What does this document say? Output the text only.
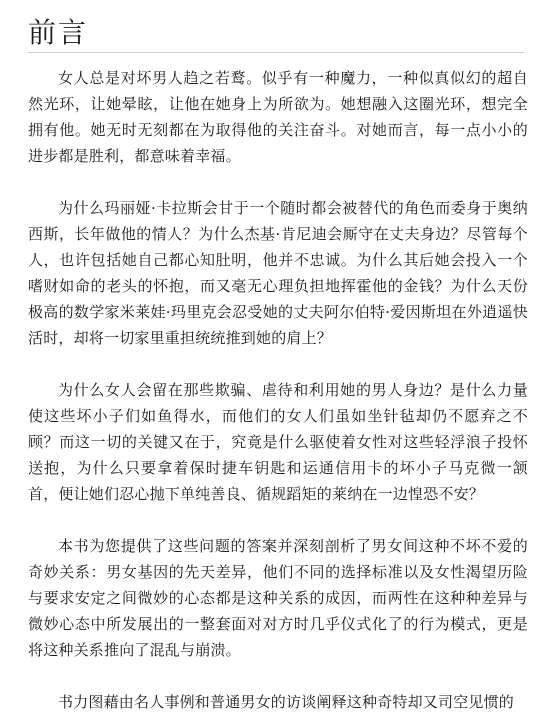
前言

女人总是对坏男人趋之若鹜。似乎有一种魔力，一种似真似幻的超自然光环，让她晕眩，让他在她身上为所欲为。她想融入这圈光环，想完全拥有他。她无时无刻都在为取得他的关注奋斗。对她而言，每一点小小的进步都是胜利，都意味着幸福。

为什么玛丽娅·卡拉斯会甘于一个随时都会被替代的角色而委身于奥纳西斯，长年做他的情人？为什么杰基·肯尼迪会厮守在丈夫身边？尽管每个人，也许包括她自己都心知肚明，他并不忠诚。为什么其后她会投入一个嗜财如命的老头的怀抱，而又毫无心理负担地挥霍他的金钱？为什么天份极高的数学家米莱娃·玛里克会忍受她的丈夫阿尔伯特·爱因斯坦在外逍遥快活时，却将一切家里重担统统推到她的肩上？

为什么女人会留在那些欺骗、虐待和利用她的男人身边？是什么力量使这些坏小子们如鱼得水，而他们的女人们虽如坐针毡却仍不愿弃之不顾？而这一切的关键又在于，究竟是什么驱使着女性对这些轻浮浪子投怀送抱，为什么只要拿着保时捷车钥匙和运通信用卡的坏小子马克微一颔首，便让她们忍心抛下单纯善良、循规蹈矩的莱纳在一边惶恐不安？

本书为您提供了这些问题的答案并深刻剖析了男女间这种不坏不爱的奇妙关系：男女基因的先天差异，他们不同的选择标准以及女性渴望历险与要求安定之间微妙的心态都是这种关系的成因，而两性在这种种差异与微妙心态中所发展出的一整套面对对方时几乎仪式化了的行为模式，更是将这种关系推向了混乱与崩溃。

书力图藉由名人事例和普通男女的访谈阐释这种奇特却又司空见惯的
